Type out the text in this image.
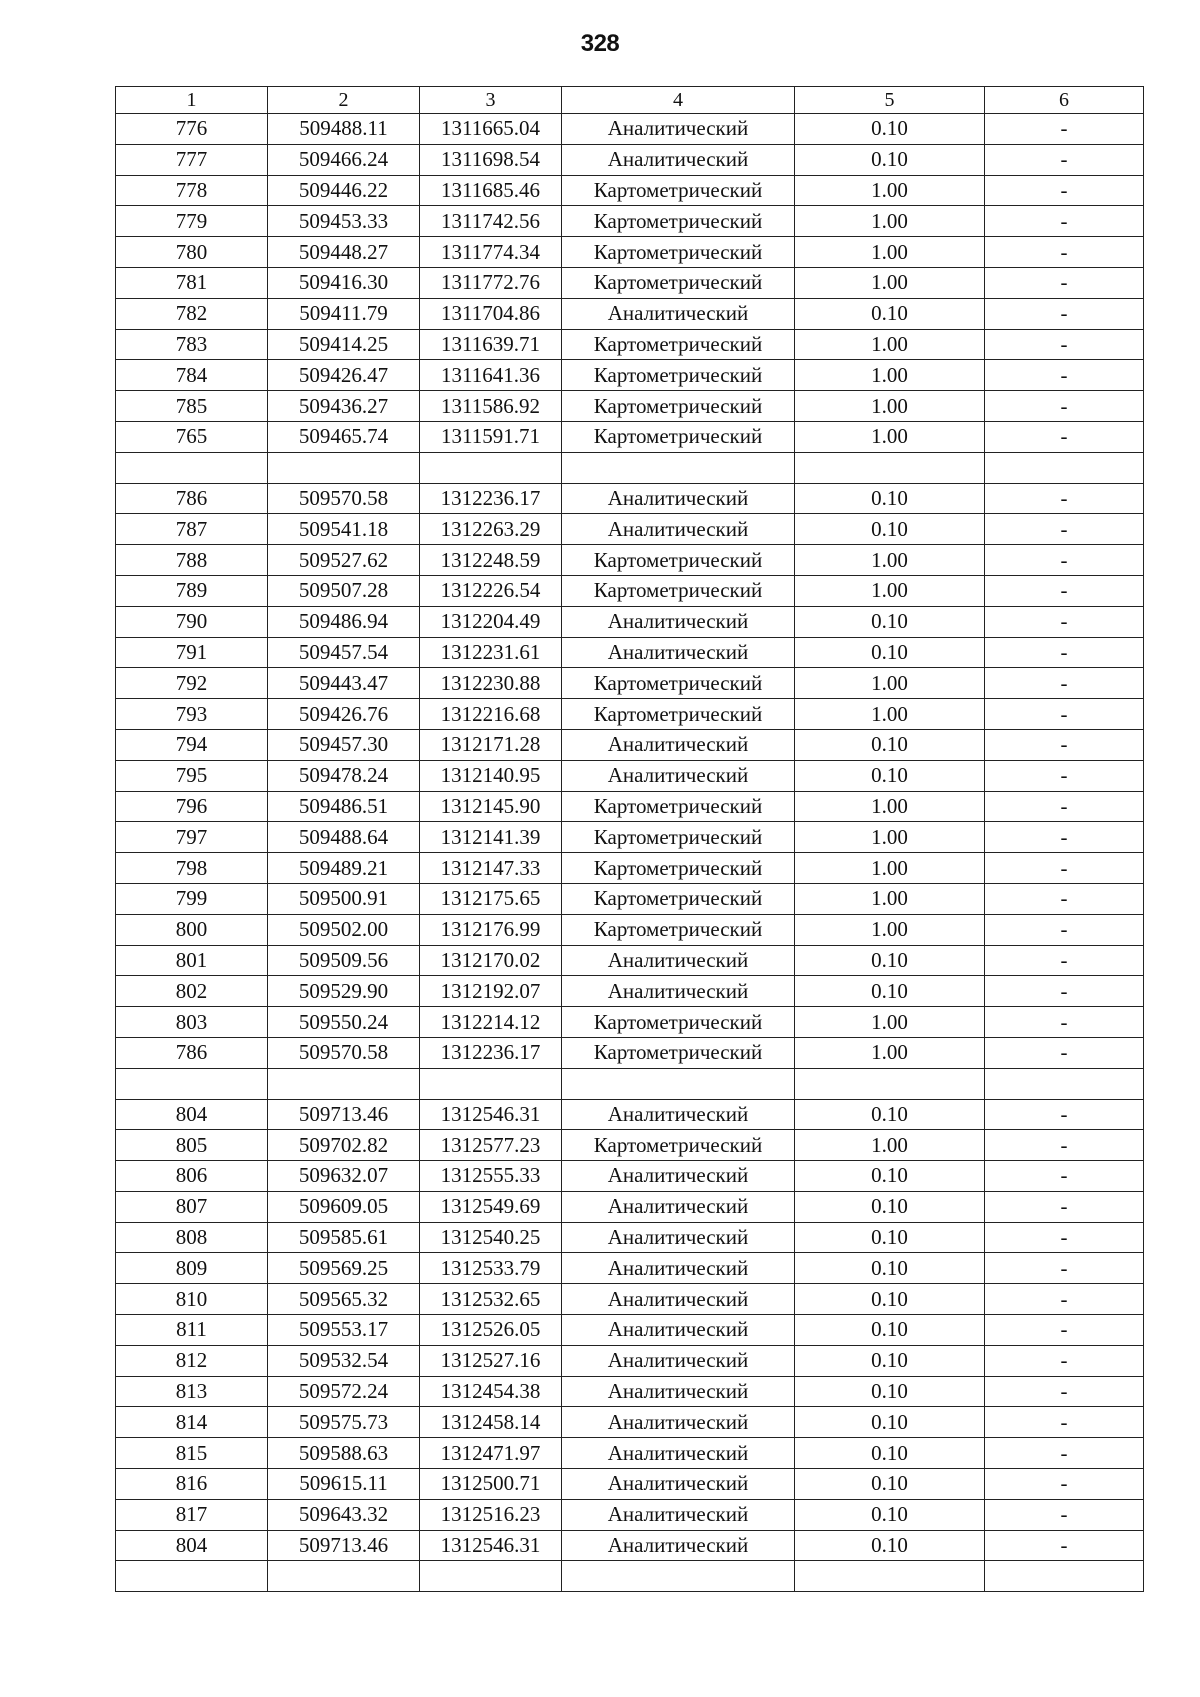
328
1	2	3	4	5	6
776	509488.11	1311665.04	Аналитический	0.10	-
777	509466.24	1311698.54	Аналитический	0.10	-
778	509446.22	1311685.46	Картометрический	1.00	-
779	509453.33	1311742.56	Картометрический	1.00	-
780	509448.27	1311774.34	Картометрический	1.00	-
781	509416.30	1311772.76	Картометрический	1.00	-
782	509411.79	1311704.86	Аналитический	0.10	-
783	509414.25	1311639.71	Картометрический	1.00	-
784	509426.47	1311641.36	Картометрический	1.00	-
785	509436.27	1311586.92	Картометрический	1.00	-
765	509465.74	1311591.71	Картометрический	1.00	-

786	509570.58	1312236.17	Аналитический	0.10	-
787	509541.18	1312263.29	Аналитический	0.10	-
788	509527.62	1312248.59	Картометрический	1.00	-
789	509507.28	1312226.54	Картометрический	1.00	-
790	509486.94	1312204.49	Аналитический	0.10	-
791	509457.54	1312231.61	Аналитический	0.10	-
792	509443.47	1312230.88	Картометрический	1.00	-
793	509426.76	1312216.68	Картометрический	1.00	-
794	509457.30	1312171.28	Аналитический	0.10	-
795	509478.24	1312140.95	Аналитический	0.10	-
796	509486.51	1312145.90	Картометрический	1.00	-
797	509488.64	1312141.39	Картометрический	1.00	-
798	509489.21	1312147.33	Картометрический	1.00	-
799	509500.91	1312175.65	Картометрический	1.00	-
800	509502.00	1312176.99	Картометрический	1.00	-
801	509509.56	1312170.02	Аналитический	0.10	-
802	509529.90	1312192.07	Аналитический	0.10	-
803	509550.24	1312214.12	Картометрический	1.00	-
786	509570.58	1312236.17	Картометрический	1.00	-

804	509713.46	1312546.31	Аналитический	0.10	-
805	509702.82	1312577.23	Картометрический	1.00	-
806	509632.07	1312555.33	Аналитический	0.10	-
807	509609.05	1312549.69	Аналитический	0.10	-
808	509585.61	1312540.25	Аналитический	0.10	-
809	509569.25	1312533.79	Аналитический	0.10	-
810	509565.32	1312532.65	Аналитический	0.10	-
811	509553.17	1312526.05	Аналитический	0.10	-
812	509532.54	1312527.16	Аналитический	0.10	-
813	509572.24	1312454.38	Аналитический	0.10	-
814	509575.73	1312458.14	Аналитический	0.10	-
815	509588.63	1312471.97	Аналитический	0.10	-
816	509615.11	1312500.71	Аналитический	0.10	-
817	509643.32	1312516.23	Аналитический	0.10	-
804	509713.46	1312546.31	Аналитический	0.10	-
